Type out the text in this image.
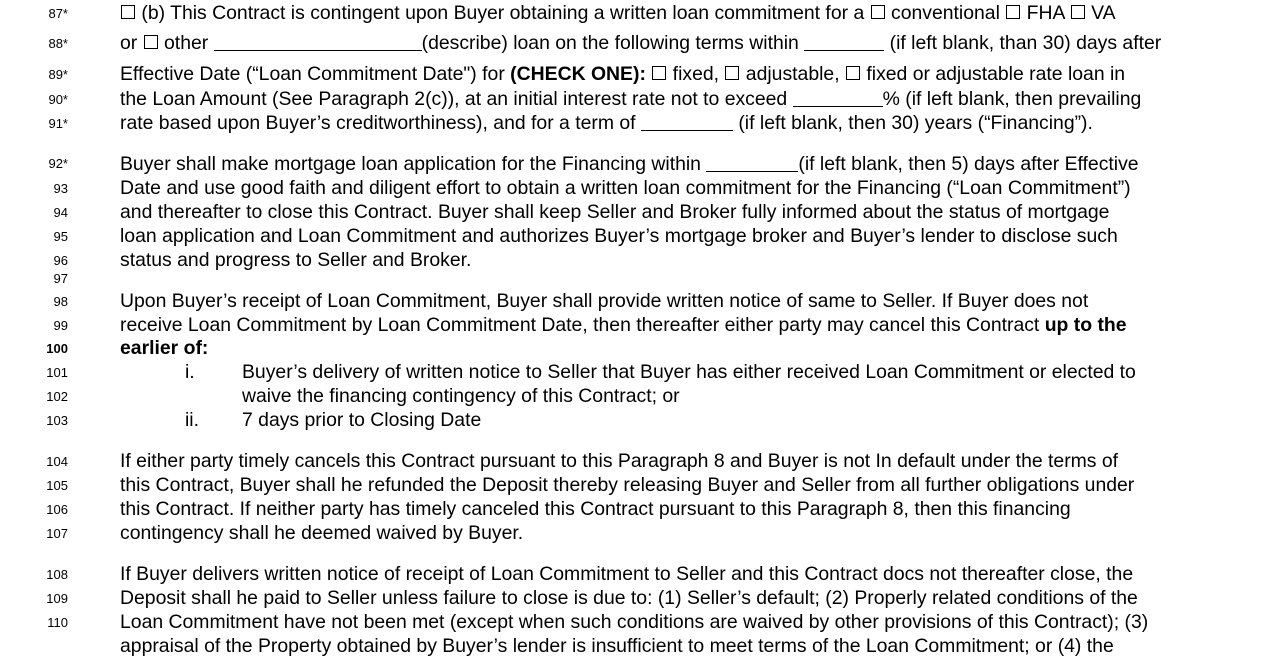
87*
88*
89*
90*
91*
92*
93
94
95
96
97
98
99
100
101
102
103
104
105
106
107
108
109
110
(b) This Contract is contingent upon Buyer obtaining a written loan commitment for a  conventional  FHA  VA
or  other	(describe) loan on the following terms within	(if left blank, than 30) days after
Effective Date (“Loan Commitment Date") for (CHECK ONE):  fixed,  adjustable,  fixed or adjustable rate loan in
the Loan Amount (See Paragraph 2(c)), at an initial interest rate not to exceed	% (if left blank, then prevailing
rate based upon Buyer’s creditworthiness), and for a term of	(if left blank, then 30) years (“Financing”).
Buyer shall make mortgage loan application for the Financing within	(if left blank, then 5) days after Effective
Date and use good faith and diligent effort to obtain a written loan commitment for the Financing (“Loan Commitment”)
and thereafter to close this Contract. Buyer shall keep Seller and Broker fully informed about the status of mortgage
loan application and Loan Commitment and authorizes Buyer’s mortgage broker and Buyer’s lender to disclose such
status and progress to Seller and Broker.
Upon Buyer’s receipt of Loan Commitment, Buyer shall provide written notice of same to Seller. If Buyer does not
receive Loan Commitment by Loan Commitment Date, then thereafter either party may cancel this Contract up to the
earlier of:
i. Buyer’s delivery of written notice to Seller that Buyer has either received Loan Commitment or elected to
waive the financing contingency of this Contract; or
ii. 7 days prior to Closing Date
If either party timely cancels this Contract pursuant to this Paragraph 8 and Buyer is not In default under the terms of
this Contract, Buyer shall he refunded the Deposit thereby releasing Buyer and Seller from all further obligations under
this Contract. If neither party has timely canceled this Contract pursuant to this Paragraph 8, then this financing
contingency shall he deemed waived by Buyer.
If Buyer delivers written notice of receipt of Loan Commitment to Seller and this Contract docs not thereafter close, the
Deposit shall he paid to Seller unless failure to close is due to: (1) Seller’s default; (2) Properly related conditions of the
Loan Commitment have not been met (except when such conditions are waived by other provisions of this Contract); (3)
appraisal of the Property obtained by Buyer’s lender is insufficient to meet terms of the Loan Commitment; or (4) the
